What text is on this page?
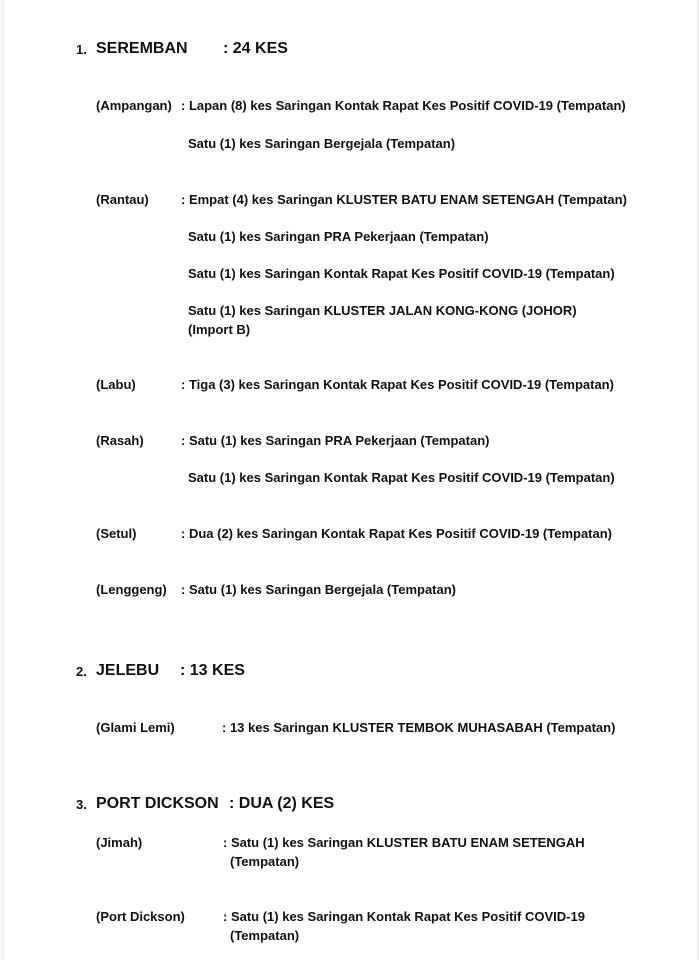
1. SEREMBAN : 24 KES
(Ampangan) : Lapan (8) kes Saringan Kontak Rapat Kes Positif COVID-19 (Tempatan)
Satu (1) kes Saringan Bergejala (Tempatan)
(Rantau) : Empat (4) kes Saringan KLUSTER BATU ENAM SETENGAH (Tempatan)
Satu (1) kes Saringan PRA Pekerjaan (Tempatan)
Satu (1) kes Saringan Kontak Rapat Kes Positif COVID-19 (Tempatan)
Satu (1) kes Saringan KLUSTER JALAN KONG-KONG (JOHOR)
(Import B)
(Labu)	: Tiga (3) kes Saringan Kontak Rapat Kes Positif COVID-19 (Tempatan)
(Rasah)	: Satu (1) kes Saringan PRA Pekerjaan (Tempatan)
Satu (1) kes Saringan Kontak Rapat Kes Positif COVID-19 (Tempatan)
(Setul)	: Dua (2) kes Saringan Kontak Rapat Kes Positif COVID-19 (Tempatan)
(Lenggeng) : Satu (1) kes Saringan Bergejala (Tempatan)
2. JELEBU : 13 KES
(Glami Lemi)	: 13 kes Saringan KLUSTER TEMBOK MUHASABAH (Tempatan)
3. PORT DICKSON : DUA (2) KES
(Jimah)	: Satu (1) kes Saringan KLUSTER BATU ENAM SETENGAH
(Tempatan)
(Port Dickson)	: Satu (1) kes Saringan Kontak Rapat Kes Positif COVID-19
(Tempatan)
